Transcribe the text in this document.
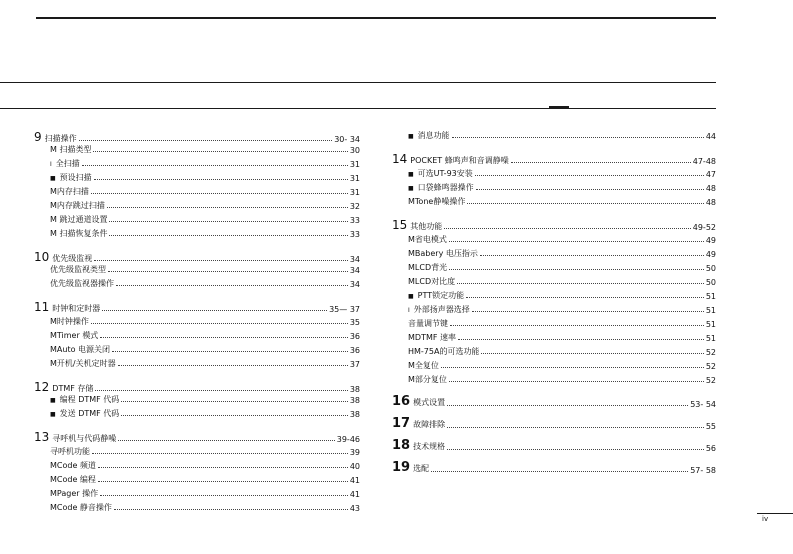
9 扫描操作	30- 34
M 扫描类型	30
I 全扫描	31
■ 预设扫描	31
M内存扫描	31
M内存跳过扫描	32
M 跳过通道设置	33
M 扫描恢复条件	33
10 优先级监视	34
优先级监视类型	34
优先级监视器操作	34
11 时钟和定时器	35— 37
M时钟操作	35
MTimer 模式	36
MAuto 电源关闭	36
M开机/关机定时器	37
12 DTMF 存储	38
■ 编程 DTMF 代码	38
■ 发送 DTMF 代码	38
13 寻呼机与代码静噪	39-46
寻呼机功能	39
MCode 频道	40
MCode 编程	41
MPager 操作	41
MCode 静音操作	43
■ 消息功能	44
14 POCKET 蜂鸣声和音调静噪	47-48
■ 可选UT-93安装	47
■ 口袋蜂鸣器操作	48
MTone静噪操作	48
15 其他功能	49-52
M省电模式	49
MBabery 电压指示	49
MLCD背光	50
MLCD对比度	50
■ PTT锁定功能	51
I 外部扬声器选择	51
音量调节键	51
MDTMF 速率	51
HM-75A的可选功能	52
M全复位	52
M部分复位	52
16 模式设置	53- 54
17 故障排除	55
18 技术规格	56
19 选配	57- 58
iv
